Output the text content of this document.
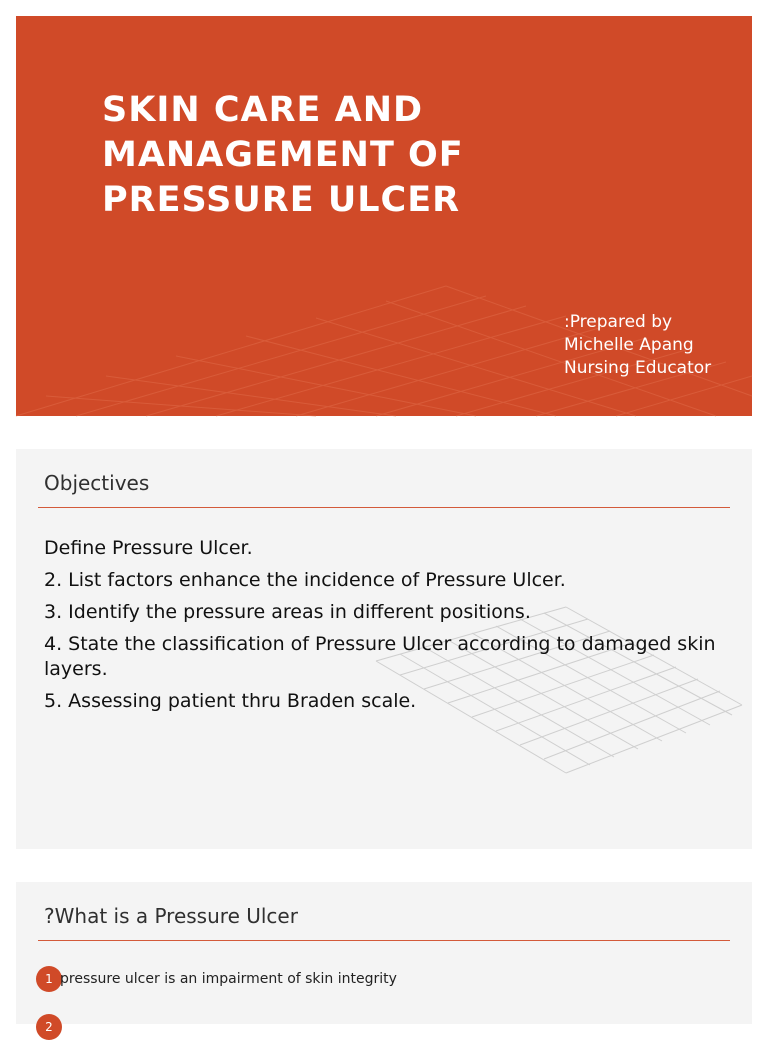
SKIN CARE AND
MANAGEMENT OF
PRESSURE ULCER
:Prepared by
Michelle Apang
Nursing Educator
Objectives
Define Pressure Ulcer.
2. List factors enhance the incidence of Pressure Ulcer.
3. Identify the pressure areas in different positions.
4. State the classification of Pressure Ulcer according to damaged skin layers.
5. Assessing patient thru Braden scale.
?What is a Pressure Ulcer
1 pressure ulcer is an impairment of skin integrity
2
